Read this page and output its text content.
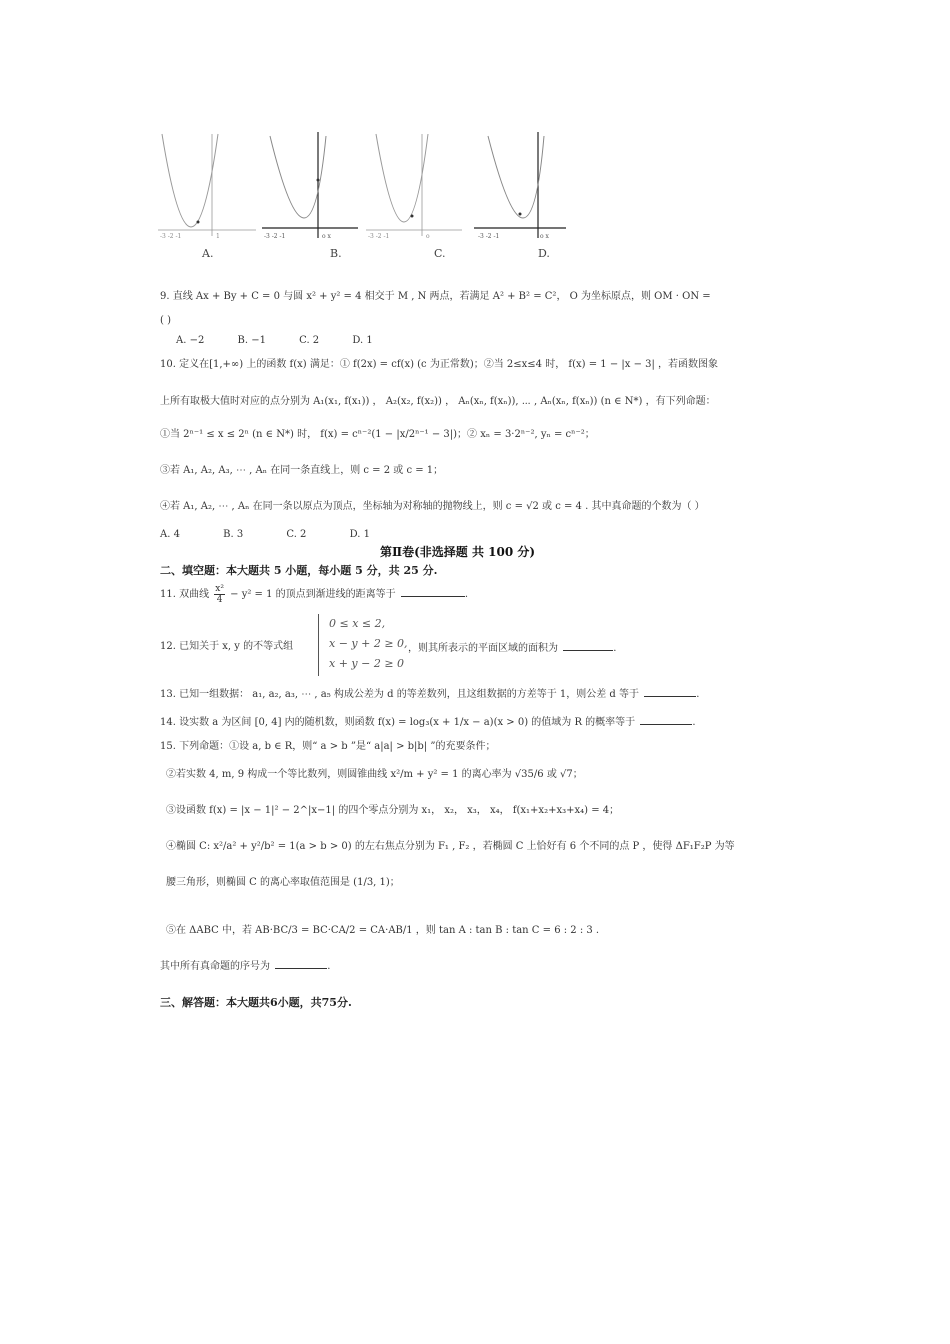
-3 -2 -1	1	-3 -2 -1	o x	-3 -2 -1	o	-3 -2 -1	o x
A.	B.	C.	D.
9. 直线 Ax + By + C = 0 与圆 x² + y² = 4 相交于 M , N 两点，若满足 A² + B² = C²， O 为坐标原点，则 OM · ON =
( )
A. −2	B. −1	C. 2	D. 1
10. 定义在[1,+∞) 上的函数 f(x) 满足：① f(2x) = cf(x) (c 为正常数)；②当 2≤x≤4 时， f(x) = 1 − |x − 3| ，若函数图象
上所有取极大值时对应的点分别为 A₁(x₁, f(x₁)) ， A₂(x₂, f(x₂)) ， Aₙ(xₙ, f(xₙ)), ⋯ , Aₙ(xₙ, f(xₙ)) (n ∈ N*) ，有下列命题：
①当 2ⁿ⁻¹ ≤ x ≤ 2ⁿ (n ∈ N*) 时， f(x) = cⁿ⁻²(1 − |x/2ⁿ⁻¹ − 3|)；② xₙ = 3·2ⁿ⁻², yₙ = cⁿ⁻²；
③若 A₁, A₂, A₃, ⋯ , Aₙ 在同一条直线上，则 c = 2 或 c = 1；
④若 A₁, A₂, ⋯ , Aₙ 在同一条以原点为顶点，坐标轴为对称轴的抛物线上，则 c = √2 或 c = 4 . 其中真命题的个数为（ ）
A. 4	B. 3	C. 2	D. 1
第Ⅱ卷(非选择题 共 100 分)
二、填空题：本大题共 5 小题，每小题 5 分，共 25 分.
11. 双曲线 $\frac{\text{x²}}{4} - y^2 = 1$ 的顶点到渐进线的距离等于	.
12. 已知关于 x, y 的不等式组
0 ≤ x ≤ 2,
x − y + 2 ≥ 0,
x + y − 2 ≥ 0
，则其所表示的平面区域的面积为	.
13. 已知一组数据： a₁, a₂, a₃, ⋯ , a₅ 构成公差为 d 的等差数列，且这组数据的方差等于 1，则公差 d 等于	.
14. 设实数 a 为区间 [0, 4] 内的随机数，则函数 f(x) = log₃(x + 1/x − a)(x > 0) 的值域为 R 的概率等于	.
15. 下列命题：①设 a, b ∈ R，则“ a > b ”是“ a|a| > b|b| ”的充要条件；
②若实数 4, m, 9 构成一个等比数列，则圆锥曲线 x²/m + y² = 1 的离心率为 √35/6 或 √7；
③设函数 f(x) = |x − 1|² − 2^|x−1| 的四个零点分别为 x₁， x₂， x₃， x₄， f(x₁+x₂+x₃+x₄) = 4；
④椭圆 C: x²/a² + y²/b² = 1(a > b > 0) 的左右焦点分别为 F₁ , F₂ ，若椭圆 C 上恰好有 6 个不同的点 P ，使得 ΔF₁F₂P 为等
腰三角形，则椭圆 C 的离心率取值范围是 (1/3, 1)；
⑤在 ΔABC 中，若 AB·BC/3 = BC·CA/2 = CA·AB/1 ，则 tan A : tan B : tan C = 6 : 2 : 3 .
其中所有真命题的序号为	.
三、解答题：本大题共6小题，共75分.
